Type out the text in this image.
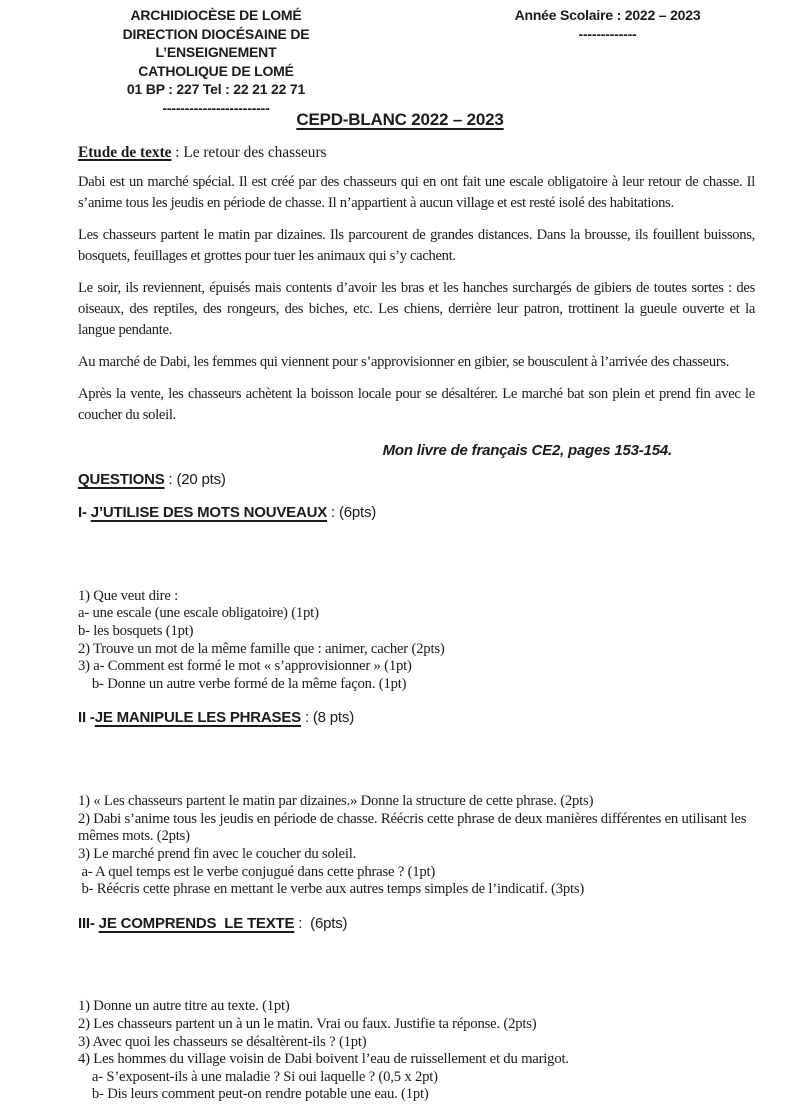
ARCHIDIOCÈSE DE LOMÉ
DIRECTION DIOCÉSAINE DE L’ENSEIGNEMENT
CATHOLIQUE DE LOMÉ
01 BP : 227 Tel : 22 21 22 71
------------------------
Année Scolaire : 2022 – 2023
-------------
CEPD-BLANC 2022 – 2023
Etude de texte : Le retour des chasseurs

Dabi est un marché spécial. Il est créé par des chasseurs qui en ont fait une escale obligatoire à leur retour de chasse. Il s’anime tous les jeudis en période de chasse. Il n’appartient à aucun village et est resté isolé des habitations.

Les chasseurs partent le matin par dizaines. Ils parcourent de grandes distances. Dans la brousse, ils fouillent buissons, bosquets, feuillages et grottes pour tuer les animaux qui s’y cachent.

Le soir, ils reviennent, épuisés mais contents d’avoir les bras et les hanches surchargés de gibiers de toutes sortes : des oiseaux, des reptiles, des rongeurs, des biches, etc. Les chiens, derrière leur patron, trottinent la gueule ouverte et la langue pendante.

Au marché de Dabi, les femmes qui viennent pour s’approvisionner en gibier, se bousculent à l’arrivée des chasseurs.

Après la vente, les chasseurs achètent la boisson locale pour se désaltérer. Le marché bat son plein et prend fin avec le coucher du soleil.

Mon livre de français CE2, pages 153-154.
QUESTIONS : (20 pts)
I- J’UTILISE DES MOTS NOUVEAUX : (6pts)

1) Que veut dire :
a- une escale (une escale obligatoire) (1pt)
b- les bosquets (1pt)
2) Trouve un mot de la même famille que : animer, cacher (2pts)
3) a- Comment est formé le mot « s’approvisionner » (1pt)
b- Donne un autre verbe formé de la même façon. (1pt)
II -JE MANIPULE LES PHRASES : (8 pts)

1) « Les chasseurs partent le matin par dizaines.» Donne la structure de cette phrase. (2pts)
2) Dabi s’anime tous les jeudis en période de chasse. Réécris cette phrase de deux manières différentes en utilisant les mêmes mots. (2pts)
3) Le marché prend fin avec le coucher du soleil.
a- A quel temps est le verbe conjugué dans cette phrase ? (1pt)
b- Réécris cette phrase en mettant le verbe aux autres temps simples de l’indicatif. (3pts)
III- JE COMPRENDS  LE TEXTE :  (6pts)

1) Donne un autre titre au texte. (1pt)
2) Les chasseurs partent un à un le matin. Vrai ou faux. Justifie ta réponse. (2pts)
3) Avec quoi les chasseurs se désaltèrent-ils ? (1pt)
4) Les hommes du village voisin de Dabi boivent l’eau de ruissellement et du marigot.
a- S’exposent-ils à une maladie ? Si oui laquelle ? (0,5 x 2pt)
b- Dis leurs comment peut-on rendre potable une eau. (1pt)
